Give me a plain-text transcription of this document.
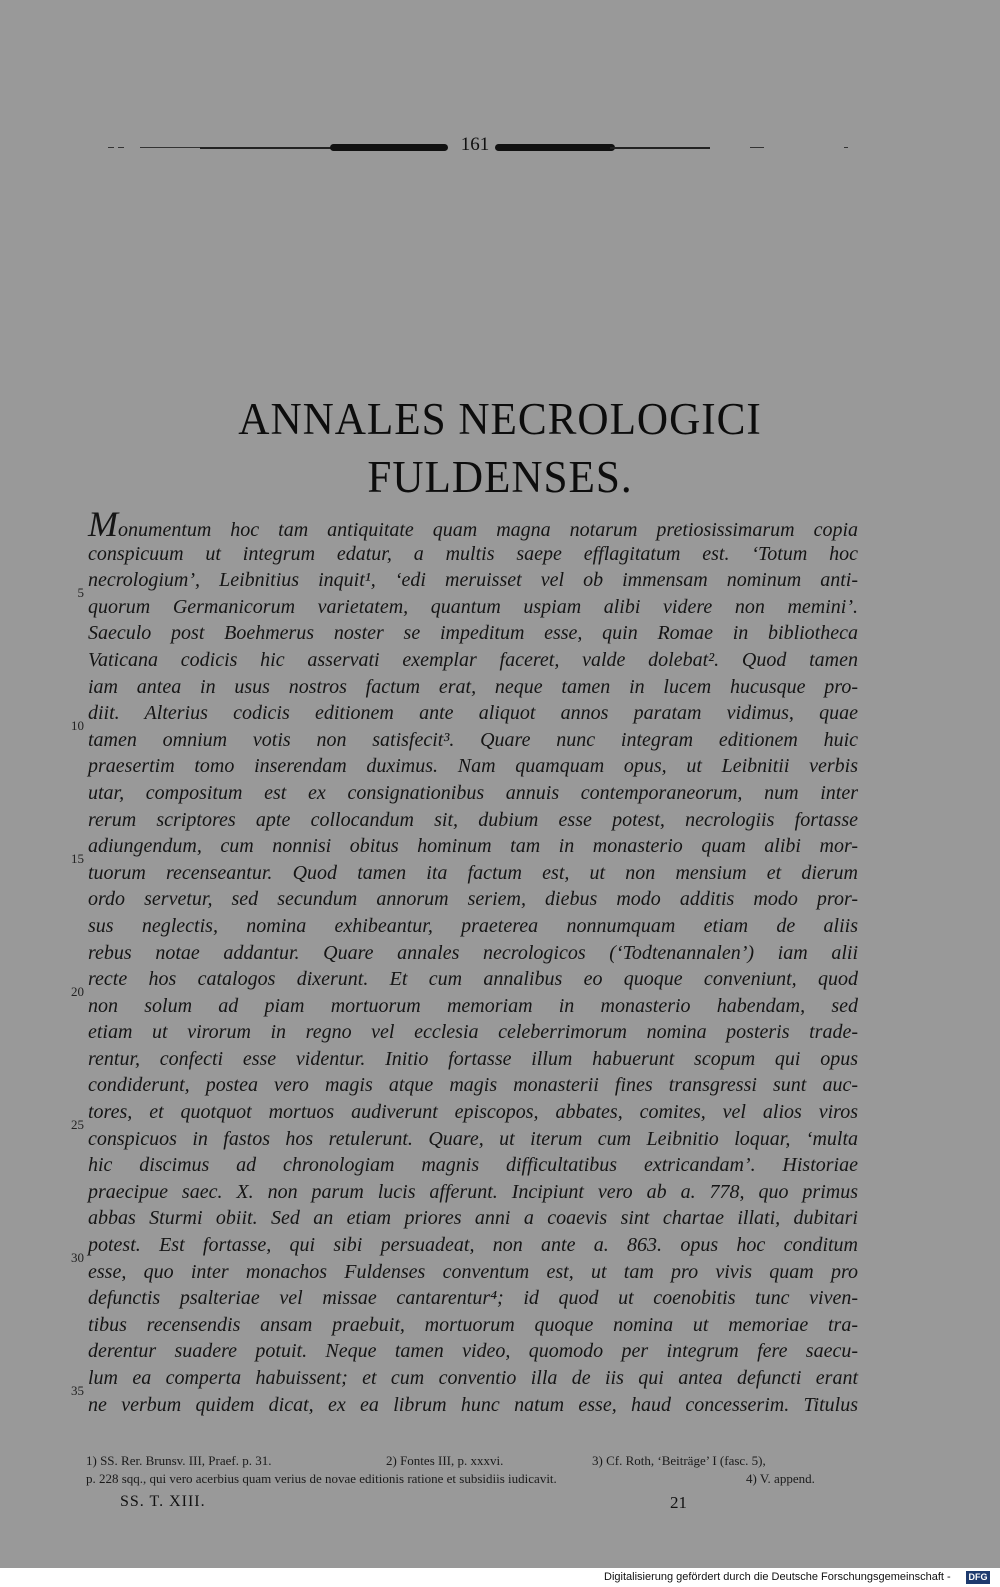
161
ANNALES NECROLOGICI
FULDENSES.
5
10
15
20
25
30
35
Monumentum hoc tam antiquitate quam magna notarum pretiosissimarum copia
conspicuum ut integrum edatur, a multis saepe efflagitatum est. ‘Totum hoc
necrologium’, Leibnitius inquit¹, ‘edi meruisset vel ob immensam nominum anti-
quorum Germanicorum varietatem, quantum uspiam alibi videre non memini’.
Saeculo post Boehmerus noster se impeditum esse, quin Romae in bibliotheca
Vaticana codicis hic asservati exemplar faceret, valde dolebat². Quod tamen
iam antea in usus nostros factum erat, neque tamen in lucem hucusque pro-
diit. Alterius codicis editionem ante aliquot annos paratam vidimus, quae
tamen omnium votis non satisfecit³. Quare nunc integram editionem huic
praesertim tomo inserendam duximus. Nam quamquam opus, ut Leibnitii verbis
utar, compositum est ex consignationibus annuis contemporaneorum, num inter
rerum scriptores apte collocandum sit, dubium esse potest, necrologiis fortasse
adiungendum, cum nonnisi obitus hominum tam in monasterio quam alibi mor-
tuorum recenseantur. Quod tamen ita factum est, ut non mensium et dierum
ordo servetur, sed secundum annorum seriem, diebus modo additis modo pror-
sus neglectis, nomina exhibeantur, praeterea nonnumquam etiam de aliis
rebus notae addantur. Quare annales necrologicos (‘Todtenannalen’) iam alii
recte hos catalogos dixerunt. Et cum annalibus eo quoque conveniunt, quod
non solum ad piam mortuorum memoriam in monasterio habendam, sed
etiam ut virorum in regno vel ecclesia celeberrimorum nomina posteris trade-
rentur, confecti esse videntur. Initio fortasse illum habuerunt scopum qui opus
condiderunt, postea vero magis atque magis monasterii fines transgressi sunt auc-
tores, et quotquot mortuos audiverunt episcopos, abbates, comites, vel alios viros
conspicuos in fastos hos retulerunt. Quare, ut iterum cum Leibnitio loquar, ‘multa
hic discimus ad chronologiam magnis difficultatibus extricandam’. Historiae
praecipue saec. X. non parum lucis afferunt. Incipiunt vero ab a. 778, quo primus
abbas Sturmi obiit. Sed an etiam priores anni a coaevis sint chartae illati, dubitari
potest. Est fortasse, qui sibi persuadeat, non ante a. 863. opus hoc conditum
esse, quo inter monachos Fuldenses conventum est, ut tam pro vivis quam pro
defunctis psalteriae vel missae cantarentur⁴; id quod ut coenobitis tunc viven-
tibus recensendis ansam praebuit, mortuorum quoque nomina ut memoriae tra-
derentur suadere potuit. Neque tamen video, quomodo per integrum fere saecu-
lum ea comperta habuissent; et cum conventio illa de iis qui antea defuncti erant
ne verbum quidem dicat, ex ea librum hunc natum esse, haud concesserim. Titulus
1) SS. Rer. Brunsv. III, Praef. p. 31.	2) Fontes III, p. xxxvi.	3) Cf. Roth, ‘Beiträge’ I (fasc. 5),
p. 228 sqq., qui vero acerbius quam verius de novae editionis ratione et subsidiis iudicavit.	4) V. append.
SS. T. XIII.	21
Digitalisierung gefördert durch die Deutsche Forschungsgemeinschaft - DFG
